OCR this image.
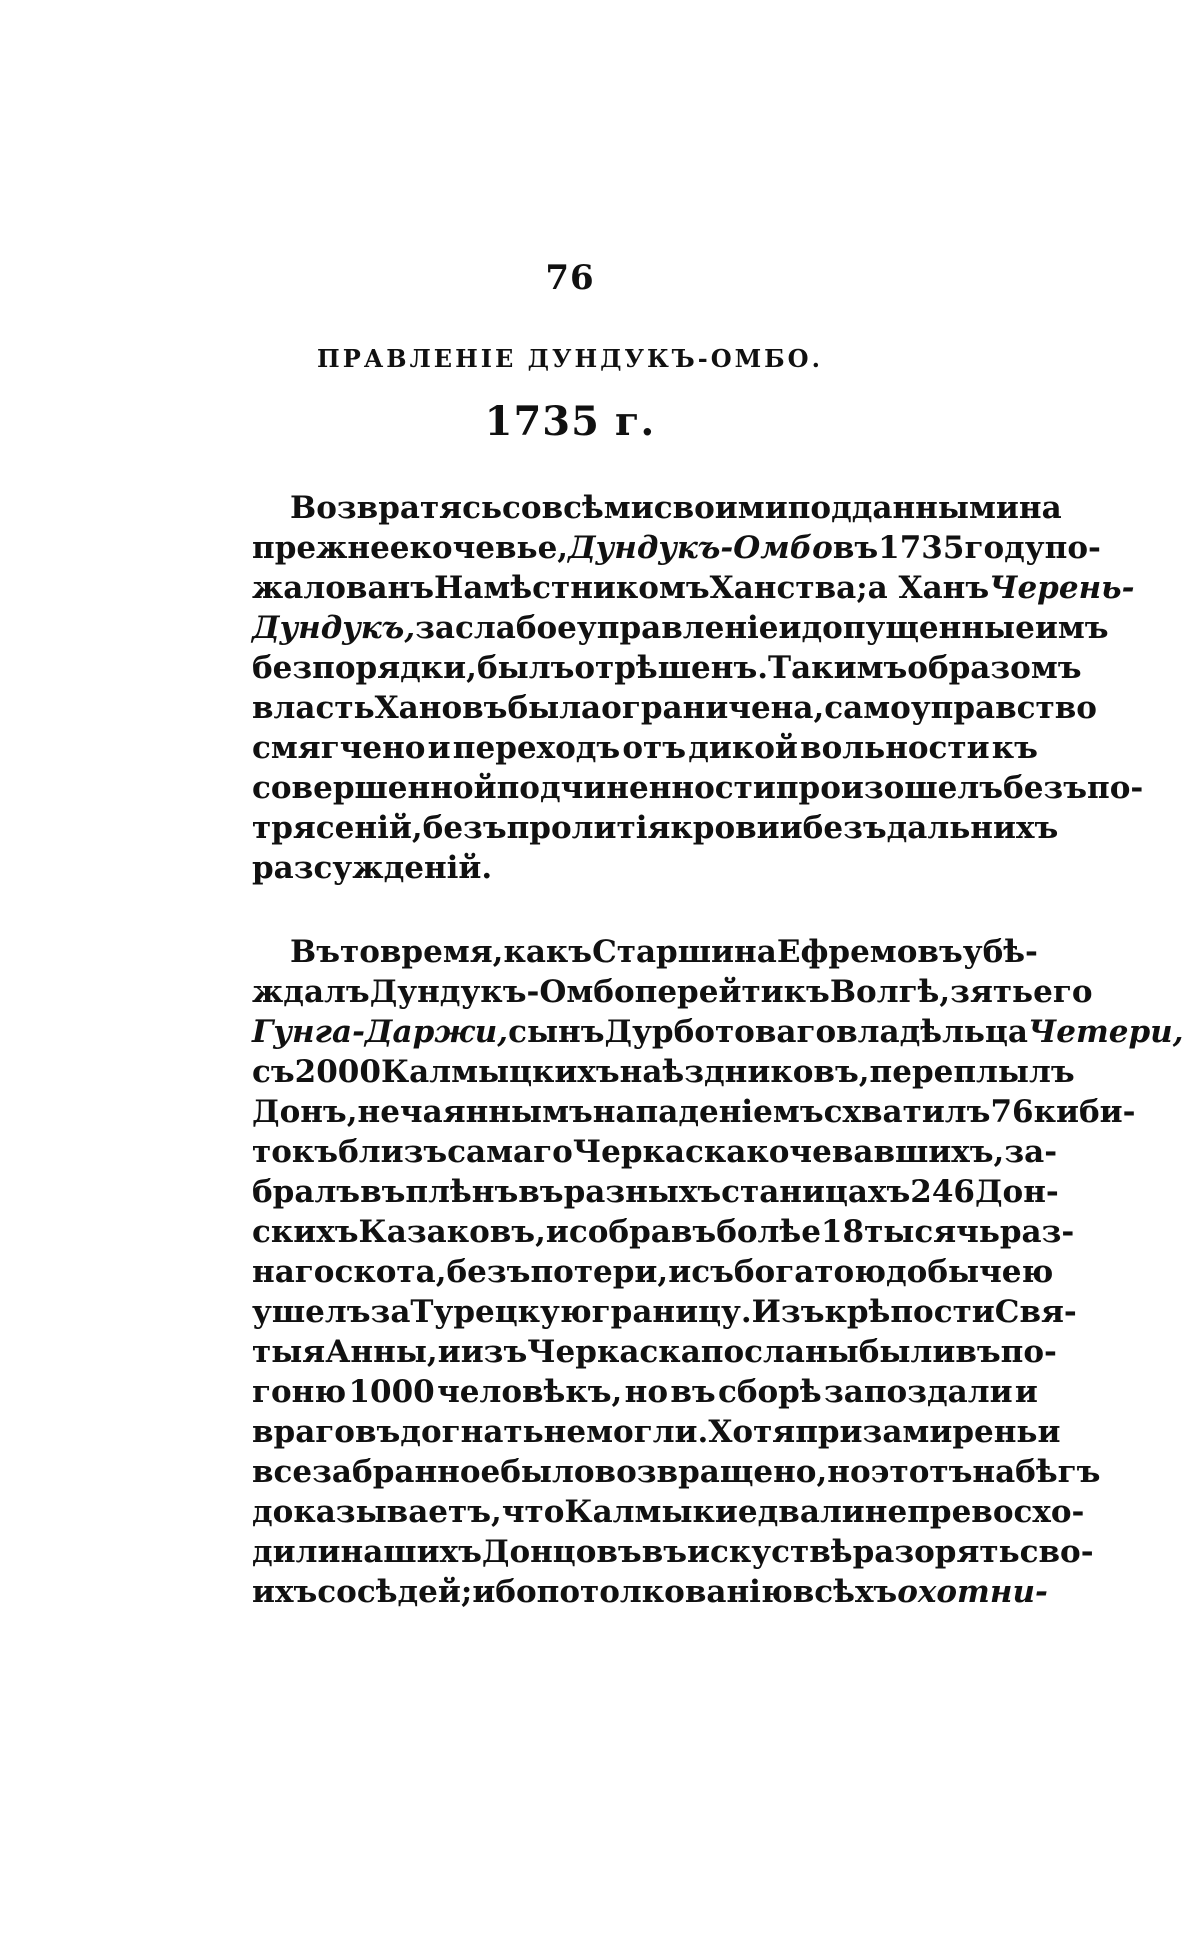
76
ПРАВЛЕНІЕ ДУНДУКЪ-ОМБО.
1735 г.
Возвратясь со всѣми своими подданными на
прежнее кочевье, Дундукъ-Омбо въ 1735 году по-
жалованъ Намѣстникомъ Ханства; а Ханъ Черень-
Дундукъ, за слабое управленіе и допущенные имъ
безпорядки, былъ отрѣшенъ. Такимъ образомъ
власть Хановъ была ограничена, самоуправство
смягчено и переходъ отъ дикой вольности къ
совершенной подчиненности произошелъ безъ по-
трясеній, безъ пролитія крови и безъ дальнихъ
разсужденій.
Въ то время, какъ Старшина Ефремовъ убѣ-
ждалъ Дундукъ-Омбо перейти къ Волгѣ, зять его
Гунга-Даржи, сынъ Дурботоваго владѣльца Четери,
съ 2000 Калмыцкихъ наѣздниковъ, переплылъ
Донъ, нечаяннымъ нападеніемъ схватилъ 76 киби-
токъ близъ самаго Черкаска кочевавшихъ, за-
бралъ въ плѣнъ въ разныхъ станицахъ 246 Дон-
скихъ Казаковъ, и собравъ болѣе 18 тысячь раз-
наго скота, безъ потери, и съ богатою добычею
ушелъ за Турецкую границу. Изъ крѣпости Свя-
тыя Анны, и изъ Черкаска посланы были въ по-
гоню 1000 человѣкъ, но въ сборѣ запоздали и
враговъ догнать не могли. Хотя при замиреньи
все забранное было возвращено, но этотъ набѣгъ
доказываетъ, что Калмыки едва ли не превосхо-
дили нашихъ Донцовъ въ искуствѣ разорять сво-
ихъ сосѣдей; ибо по толкованію всѣхъ охотни-
